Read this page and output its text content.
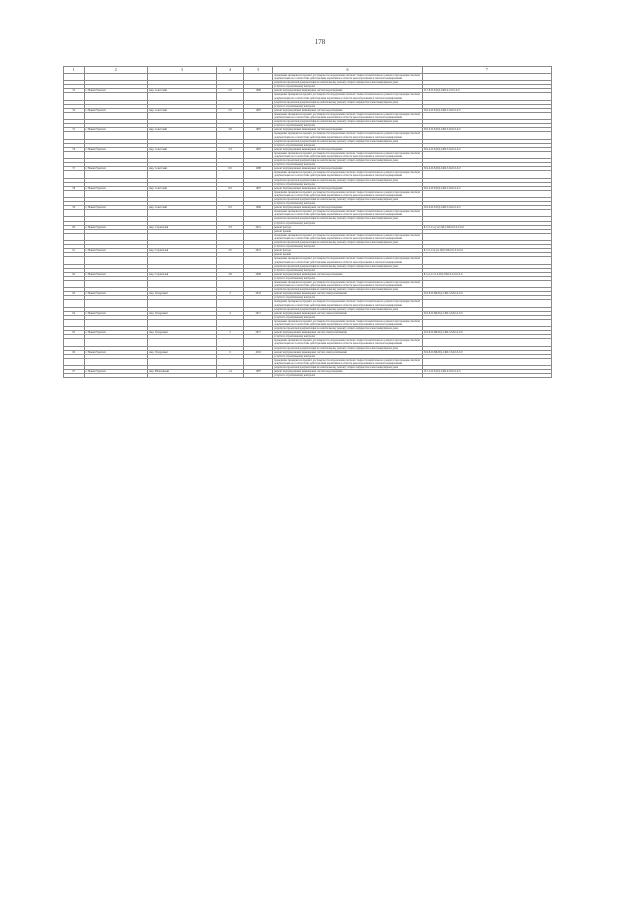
178
1	2	3	4	5	6	7
					проведение проверки на предмет достоверности определения сметной стоимости капитального ремонта при проверке сметной документации на соответствие действующим нормативам в области ценообразования в сметном нормировании	
					разработка проектной документации по капитальному ремонту общего имущества в многоквартирном доме	
					услуги по строительному контролю	
53	г. Новый Уренгой	мкр. Советский	2/2	1986	ремонт внутридомовых инженерных систем водоотведения	П-7-8-П-8-ПД-СКБ-0-2-0-0-0-0
					проведение проверки на предмет достоверности определения сметной стоимости капитального ремонта при проверке сметной документации на соответствие действующим нормативам в области ценообразования в сметном нормировании	
					разработка проектной документации по капитальному ремонту общего имущества в многоквартирном доме	
					услуги по строительному контролю	
54	г. Новый Уренгой	мкр. Советский	2/5	1987	ремонт внутридомовых инженерных систем водоотведения	П-9-4-П-8-ПД-СКБ-5-М-0-0-0-0
					проведение проверки на предмет достоверности определения сметной стоимости капитального ремонта при проверке сметной документации на соответствие действующим нормативам в области ценообразования в сметном нормировании	
					разработка проектной документации по капитальному ремонту общего имущества в многоквартирном доме	
					услуги по строительному контролю	
55	г. Новый Уренгой	мкр. Советский	2/6	1987	ремонт внутридомовых инженерных систем водоотведения	П-9-3-П-8-ПД-СКБ-3-М-0-0-0-0
					проведение проверки на предмет достоверности определения сметной стоимости капитального ремонта при проверке сметной документации на соответствие действующим нормативам в области ценообразования в сметном нормировании	
					разработка проектной документации по капитальному ремонту общего имущества в многоквартирном доме	
					услуги по строительному контролю	
56	г. Новый Уренгой	мкр. Советский	3/3	1987	ремонт внутридомовых инженерных систем водоотведения	П-9-4-П-8-ПД-СКБ-5-М-0-0-0-0
					проведение проверки на предмет достоверности определения сметной стоимости капитального ремонта при проверке сметной документации на соответствие действующим нормативам в области ценообразования в сметном нормировании	
					разработка проектной документации по капитальному ремонту общего имущества в многоквартирном доме	
					услуги по строительному контролю	
57	г. Новый Уренгой	мкр. Советский	8/2	1988	ремонт внутридомовых инженерных систем водоотведения	П-9-4-П-8-ПД-СКБ-5-М-0-0-0-0
					проведение проверки на предмет достоверности определения сметной стоимости капитального ремонта при проверке сметной документации на соответствие действующим нормативам в области ценообразования в сметном нормировании	
					разработка проектной документации по капитальному ремонту общего имущества в многоквартирном доме	
					услуги по строительному контролю	
58	г. Новый Уренгой	мкр. Советский	8/4	1987	ремонт внутридомовых инженерных систем водоотведения	П-9-2-П-8-ПД-СКБ-5-М-0-0-0-0
					проведение проверки на предмет достоверности определения сметной стоимости капитального ремонта при проверке сметной документации на соответствие действующим нормативам в области ценообразования в сметном нормировании	
					разработка проектной документации по капитальному ремонту общего имущества в многоквартирном доме	
					услуги по строительному контролю	
59	г. Новый Уренгой	мкр. Советский	9/2	1986	ремонт внутридомовых инженерных систем водоотведения	П-9-6-П-8-ПД-СКБ-5-М-0-0-0-0
					проведение проверки на предмет достоверности определения сметной стоимости капитального ремонта при проверке сметной документации на соответствие действующим нормативам в области ценообразования в сметном нормировании	
					разработка проектной документации по капитальному ремонту общего имущества в многоквартирном доме	
					услуги по строительному контролю	
60	г. Новый Уренгой	мкр. Строителей	3/3	2015	ремонт фасада	Б-5-3-Сэ-(г)-0-ПД-СКБ-0-0-0-0-0-0
					ремонт крыши	
					проведение проверки на предмет достоверности определения сметной стоимости капитального ремонта при проверке сметной документации на соответствие действующим нормативам в области ценообразования в сметном нормировании	
					разработка проектной документации по капитальному ремонту общего имущества в многоквартирном доме	
					услуги по строительному контролю	
61	г. Новый Уренгой	мкр. Строителей	3/5	2015	ремонт фасада	Б-5-3-Сэ(г)-0-ПД-СКБ-0-0-0-0-0-0
					ремонт крыши	
					проведение проверки на предмет достоверности определения сметной стоимости капитального ремонта при проверке сметной документации на соответствие действующим нормативам в области ценообразования в сметном нормировании	
					разработка проектной документации по капитальному ремонту общего имущества в многоквартирном доме	
					услуги по строительному контролю	
62	г. Новый Уренгой	мкр. Строителей	3/6	2008	ремонт внутридомовых инженерных систем водоотведения	Б-5-4-Сэ-0-0-ПД-СКБ-0-0-0-0-0-0
					услуги по строительному контролю	
					проведение проверки на предмет достоверности определения сметной стоимости капитального ремонта при проверке сметной документации на соответствие действующим нормативам в области ценообразования в сметном нормировании	
					разработка проектной документации по капитальному ремонту общего имущества в многоквартирном доме	
63	г. Новый Уренгой	мкр. Тундровый	3	2019	ремонт внутридомовых инженерных систем электроснабжения	П-9-8-П-8Ф-ПД-СКБ-3-М-0-0-0-0
					услуги по строительному контролю	
					проведение проверки на предмет достоверности определения сметной стоимости капитального ремонта при проверке сметной документации на соответствие действующим нормативам в области ценообразования в сметном нормировании	
					разработка проектной документации по капитальному ремонту общего имущества в многоквартирном доме	
64	г. Новый Уренгой	мкр. Тундровый	4	2017	ремонт внутридомовых инженерных систем электроснабжения	П-9-8-П-8Ф-ПД-СКБ-3-М-0-0-0-0
					услуги по строительному контролю	
					проведение проверки на предмет достоверности определения сметной стоимости капитального ремонта при проверке сметной документации на соответствие действующим нормативам в области ценообразования в сметном нормировании	
					разработка проектной документации по капитальному ремонту общего имущества в многоквартирном доме	
65	г. Новый Уренгой	мкр. Тундровый	5	2017	ремонт внутридомовых инженерных систем электроснабжения	П-9-8-П-8Ф-ПД-СКБ-3-М-0-0-0-0
					услуги по строительному контролю	
					проведение проверки на предмет достоверности определения сметной стоимости капитального ремонта при проверке сметной документации на соответствие действующим нормативам в области ценообразования в сметном нормировании	
					разработка проектной документации по капитальному ремонту общего имущества в многоквартирном доме	
66	г. Новый Уренгой	мкр. Тундровый	6	2016	ремонт внутридомовых инженерных систем электроснабжения	П-9-8-П-8Ф-ПД-СКБ-3-М-0-0-0-0
					услуги по строительному контролю	
					проведение проверки на предмет достоверности определения сметной стоимости капитального ремонта при проверке сметной документации на соответствие действующим нормативам в области ценообразования в сметном нормировании	
					разработка проектной документации по капитальному ремонту общего имущества в многоквартирном доме	
67	г. Новый Уренгой	мкр. Юбилейный	1/4	1987	ремонт внутридомовых инженерных систем водоотведения	П-7-2-П-8-ПД-СКБ-0-М-0-0-0-0
					услуги по строительному контролю	
